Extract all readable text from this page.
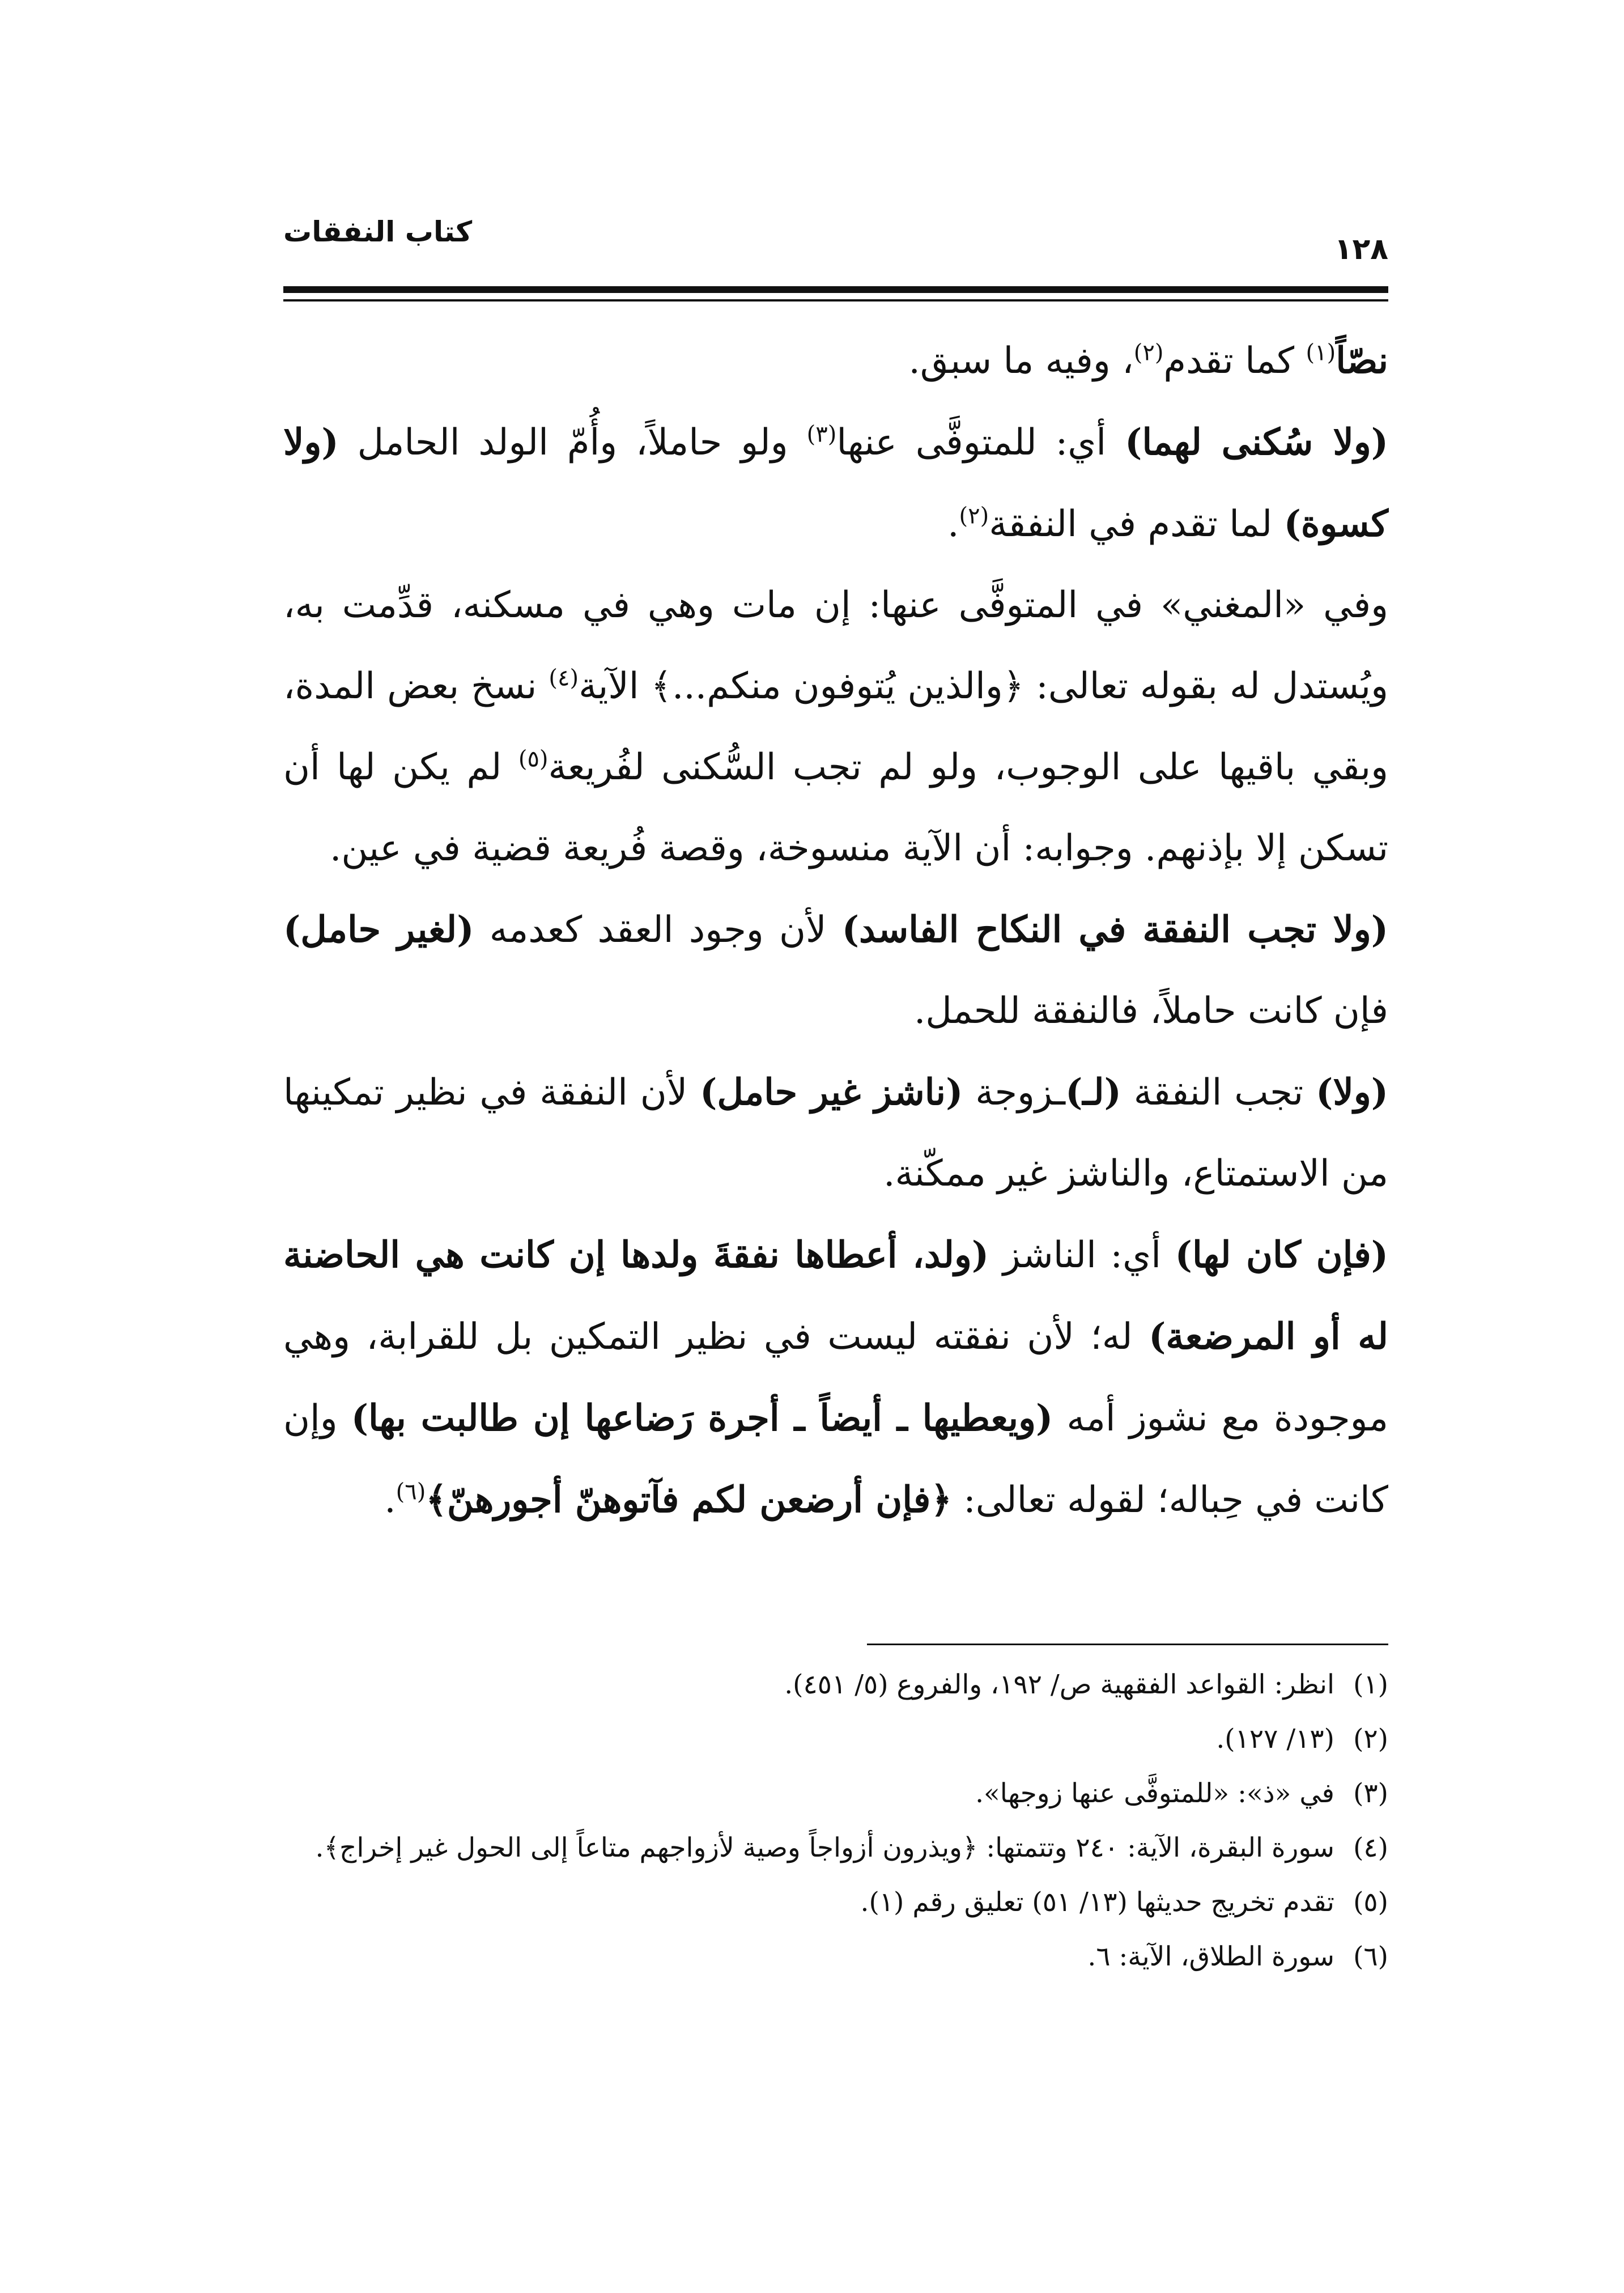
كتاب النفقات
١٢٨

نصّاً$^{(١)}$ كما تقدم$^{(٢)}$، وفيه ما سبق.

(ولا سُكنى لهما) أي: للمتوفَّى عنها$^{(٣)}$ ولو حاملاً، وأُمّ الولد الحامل (ولا كسوة) لما تقدم في النفقة$^{(٢)}$.

وفي «المغني» في المتوفَّى عنها: إن مات وهي في مسكنه، قدِّمت به، ويُستدل له بقوله تعالى: ﴿والذين يُتوفون منكم...﴾ الآية$^{(٤)}$ نسخ بعض المدة، وبقي باقيها على الوجوب، ولو لم تجب السُّكنى لفُريعة$^{(٥)}$ لم يكن لها أن تسكن إلا بإذنهم. وجوابه: أن الآية منسوخة، وقصة فُريعة قضية في عين.

(ولا تجب النفقة في النكاح الفاسد) لأن وجود العقد كعدمه (لغير حامل) فإن كانت حاملاً، فالنفقة للحمل.

(ولا) تجب النفقة (لـ)ـزوجة (ناشز غير حامل) لأن النفقة في نظير تمكينها من الاستمتاع، والناشز غير ممكّنة.

(فإن كان لها) أي: الناشز (ولد، أعطاها نفقةَ ولدها إن كانت هي الحاضنة له أو المرضعة) له؛ لأن نفقته ليست في نظير التمكين بل للقرابة، وهي موجودة مع نشوز أمه (ويعطيها ـ أيضاً ـ أجرة رَضاعها إن طالبت بها) وإن كانت في حِباله؛ لقوله تعالى: ﴿فإن أرضعن لكم فآتوهنّ أجورهنّ﴾$^{(٦)}$.

(١)انظر: القواعد الفقهية ص/ ١٩٢، والفروع (٥/ ٤٥١).

(٢)(١٣/ ١٢٧).

(٣)في «ذ»: «للمتوفَّى عنها زوجها».

(٤)سورة البقرة، الآية: ٢٤٠ وتتمتها: ﴿ويذرون أزواجاً وصية لأزواجهم متاعاً إلى الحول غير إخراج﴾.

(٥)تقدم تخريج حديثها (١٣/ ٥١) تعليق رقم (١).

(٦)سورة الطلاق، الآية: ٦.
